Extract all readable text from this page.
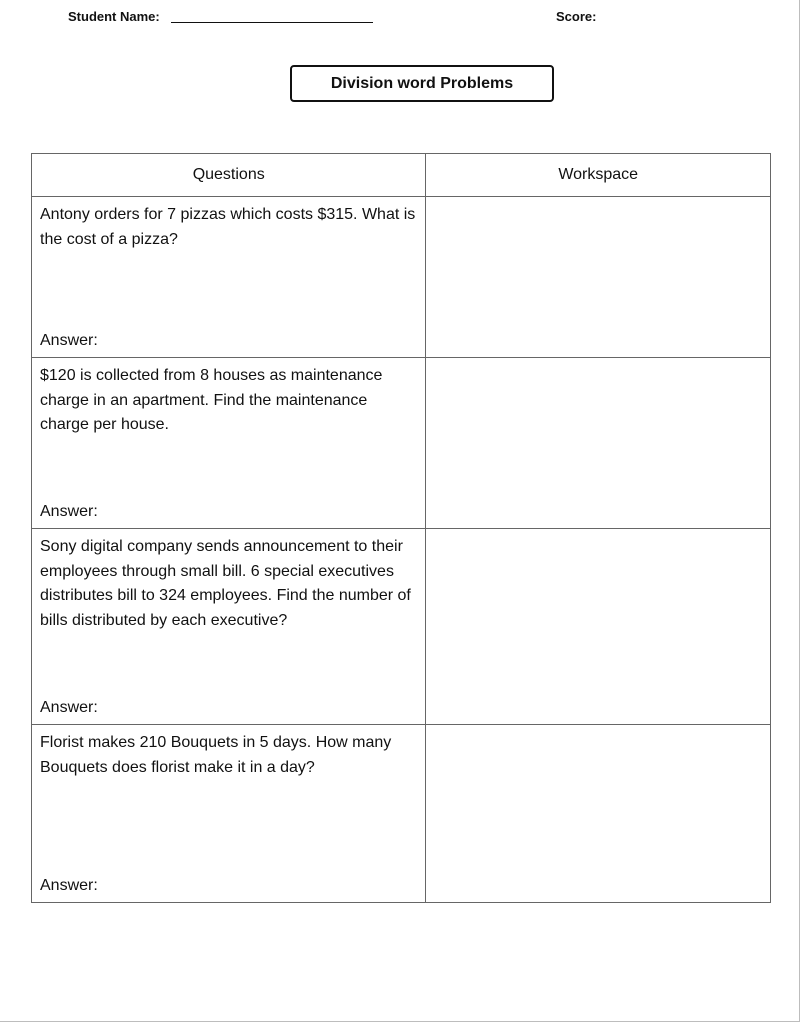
Student Name:	Score:
Division word Problems
Questions	Workspace

Antony orders for 7 pizzas which costs $315. What is the cost of a pizza?
Answer:	

$120 is collected from 8 houses as maintenance charge in an apartment. Find the maintenance charge per house.
Answer:	

Sony digital company sends announcement to their employees through small bill. 6 special executives distributes bill to 324 employees. Find the number of bills distributed by each executive?
Answer:	

Florist makes 210 Bouquets in 5 days. How many Bouquets does florist make it in a day?
Answer:	
